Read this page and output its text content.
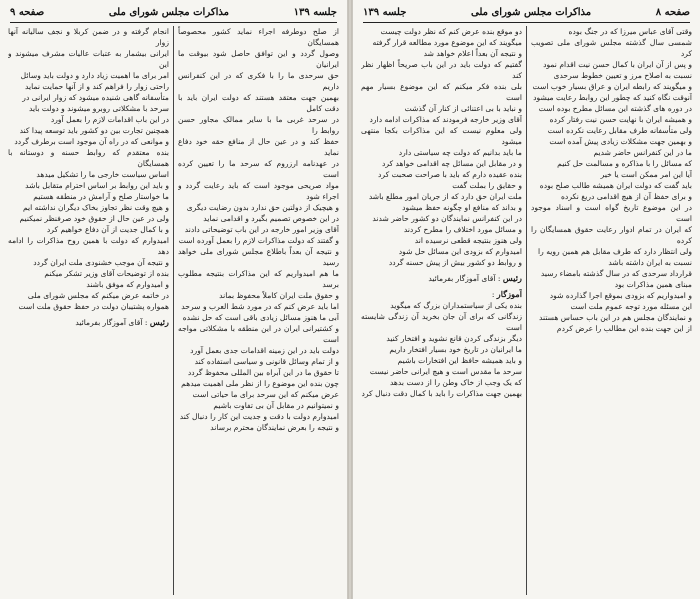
جلسه ۱۳۹
مذاکرات مجلس شورای ملی
صفحه ۹

از صلح دوطرفه اجراء نماید کشور محصوصاً همسایگان

وصول گردد و این توافق حاصل شود بیوقت ما ایرانیان

حق سرحدی ما را با فکری که در این کنفرانس داریم

بهمین جهت معتقد هستند که دولت ایران باید با دقت کامل

در سرحد غربی ما با سایر ممالک مجاور حسن روابط را

حفظ کند و در عین حال از منافع حقه خود دفاع نماید

در عهدنامه ارزروم که سرحد ما را تعیین کرده است

مواد صریحی موجود است که باید رعایت گردد و اجراء شود

و هیچیک از دولتین حق ندارد بدون رضایت دیگری

در این خصوص تصمیم بگیرد و اقدامی نماید

آقای وزیر امور خارجه در این باب توضیحاتی دادند

و گفتند که دولت مذاکرات لازم را بعمل آورده است

و نتیجه آن بعداً باطلاع مجلس شورای ملی خواهد رسید

ما هم امیدواریم که این مذاکرات بنتیجه مطلوب برسد

و حقوق ملت ایران کاملاً محفوظ بماند

اما باید عرض کنم که در مورد شط العرب و سرحد

آبی ما هنوز مسائل زیادی باقی است که حل نشده

و کشتیرانی ایران در این منطقه با مشکلاتی مواجه است

دولت باید در این زمینه اقدامات جدی بعمل آورد

و از تمام وسائل قانونی و سیاسی استفاده کند

تا حقوق ما در این آبراه بین المللی محفوظ گردد

چون بنده این موضوع را از نظر ملی اهمیت میدهم

عرض میکنم که این سرحد برای ما حیاتی است

و نمیتوانیم در مقابل آن بی تفاوت باشیم

امیدوارم دولت با دقت و جدیت این کار را دنبال کند

و نتیجه را بعرض نمایندگان محترم برساند

انجام گرفته و در ضمن کربلا و نجف سالیانه آنها زوار

ایرانی بیشمار به عتبات عالیات مشرف میشوند و این

امر برای ما اهمیت زیاد دارد و دولت باید وسائل

راحتی زوار را فراهم کند و از آنها حمایت نماید

متأسفانه گاهی شنیده میشود که زوار ایرانی در

سرحد با مشکلاتی روبرو میشوند و دولت باید

در این باب اقدامات لازم را بعمل آورد

همچنین تجارت بین دو کشور باید توسعه پیدا کند

و موانعی که در راه آن موجود است برطرف گردد

بنده معتقدم که روابط حسنه و دوستانه با همسایگان

اساس سیاست خارجی ما را تشکیل میدهد

و باید این روابط بر اساس احترام متقابل باشد

ما خواستار صلح و آرامش در منطقه هستیم

و هیچ وقت نظر تجاوز بخاک دیگران نداشته ایم

ولی در عین حال از حقوق خود صرفنظر نمیکنیم

و با کمال جدیت از آن دفاع خواهیم کرد

امیدوارم که دولت با همین روح مذاکرات را ادامه دهد

و نتیجه آن موجب خشنودی ملت ایران گردد

بنده از توضیحات آقای وزیر تشکر میکنم

و امیدوارم که موفق باشند

در خاتمه عرض میکنم که مجلس شورای ملی

همواره پشتیبان دولت در حفظ حقوق ملت است

رئیس : آقای آموزگار بفرمائید

صفحه ۸
مذاکرات مجلس شورای ملی
جلسه ۱۳۹

وقتی آقای عباس میرزا که در جنگ بوده

شمسی سال گذشته مجلس شورای ملی تصویب کرد

و پس از آن ایران با کمال حسن نیت اقدام نمود

نسبت به اصلاح مرز و تعیین خطوط سرحدی

و میگویند که رابطه ایران و عراق بسیار خوب است

آنوقت نگاه کنید که چطور این روابط رعایت میشود

در دوره های گذشته این مسائل مطرح بوده است

و همیشه ایران با نهایت حسن نیت رفتار کرده

ولی متأسفانه طرف مقابل رعایت نکرده است

و بهمین جهت مشکلات زیادی پیش آمده است

ما در این کنفرانس حاضر شدیم

که مسائل را با مذاکره و مسالمت حل کنیم

آیا این امر ممکن است یا خیر

باید گفت که دولت ایران همیشه طالب صلح بوده

و برای حفظ آن از هیچ اقدامی دریغ نکرده

در این موضوع تاریخ گواه است و اسناد موجود است

که ایران در تمام ادوار رعایت حقوق همسایگان را کرده

ولی انتظار دارد که طرف مقابل هم همین رویه را

نسبت به ایران داشته باشد

قرارداد سرحدی که در سال گذشته بامضاء رسید

مبنای همین مذاکرات بود

و امیدواریم که بزودی بموقع اجرا گذارده شود

این مسئله مورد توجه عموم ملت است

و نمایندگان مجلس هم در این باب حساس هستند

از این جهت بنده این مطالب را عرض کردم

دو موقع بنده عرض کنم که نظر دولت چیست

میگویند که این موضوع مورد مطالعه قرار گرفته

و نتیجه آن بعداً اعلام خواهد شد

گفتیم که دولت باید در این باب صریحاً اظهار نظر کند

بلی بنده فکر میکنم که این موضوع بسیار مهم است

و نباید با بی اعتنائی از کنار آن گذشت

آقای وزیر خارجه فرمودند که مذاکرات ادامه دارد

ولی معلوم نیست که این مذاکرات بکجا منتهی میشود

ما باید بدانیم که دولت چه سیاستی دارد

و در مقابل این مسائل چه اقدامی خواهد کرد

بنده عقیده دارم که باید با صراحت صحبت کرد

و حقایق را بملت گفت

ملت ایران حق دارد که از جریان امور مطلع باشد

و بداند که منافع او چگونه حفظ میشود

در این کنفرانس نمایندگان دو کشور حاضر شدند

و مسائل مورد اختلاف را مطرح کردند

ولی هنوز بنتیجه قطعی نرسیده اند

امیدوارم که بزودی این مسائل حل شود

و روابط دو کشور بیش از پیش حسنه گردد

رئیس : آقای آموزگار بفرمائید

آموزگار :

بنده یکی از سیاستمداران بزرگ که میگوید

زندگانی که برای آن جان بخرید آن زندگی شایسته است

دیگر بزندگی کردن قانع نشوید و افتخار کنید

ما ایرانیان در تاریخ خود بسیار افتخار داریم

و باید همیشه حافظ این افتخارات باشیم

سرحد ما مقدس است و هیچ ایرانی حاضر نیست

که یک وجب از خاک وطن را از دست بدهد

بهمین جهت مذاکرات را باید با کمال دقت دنبال کرد
